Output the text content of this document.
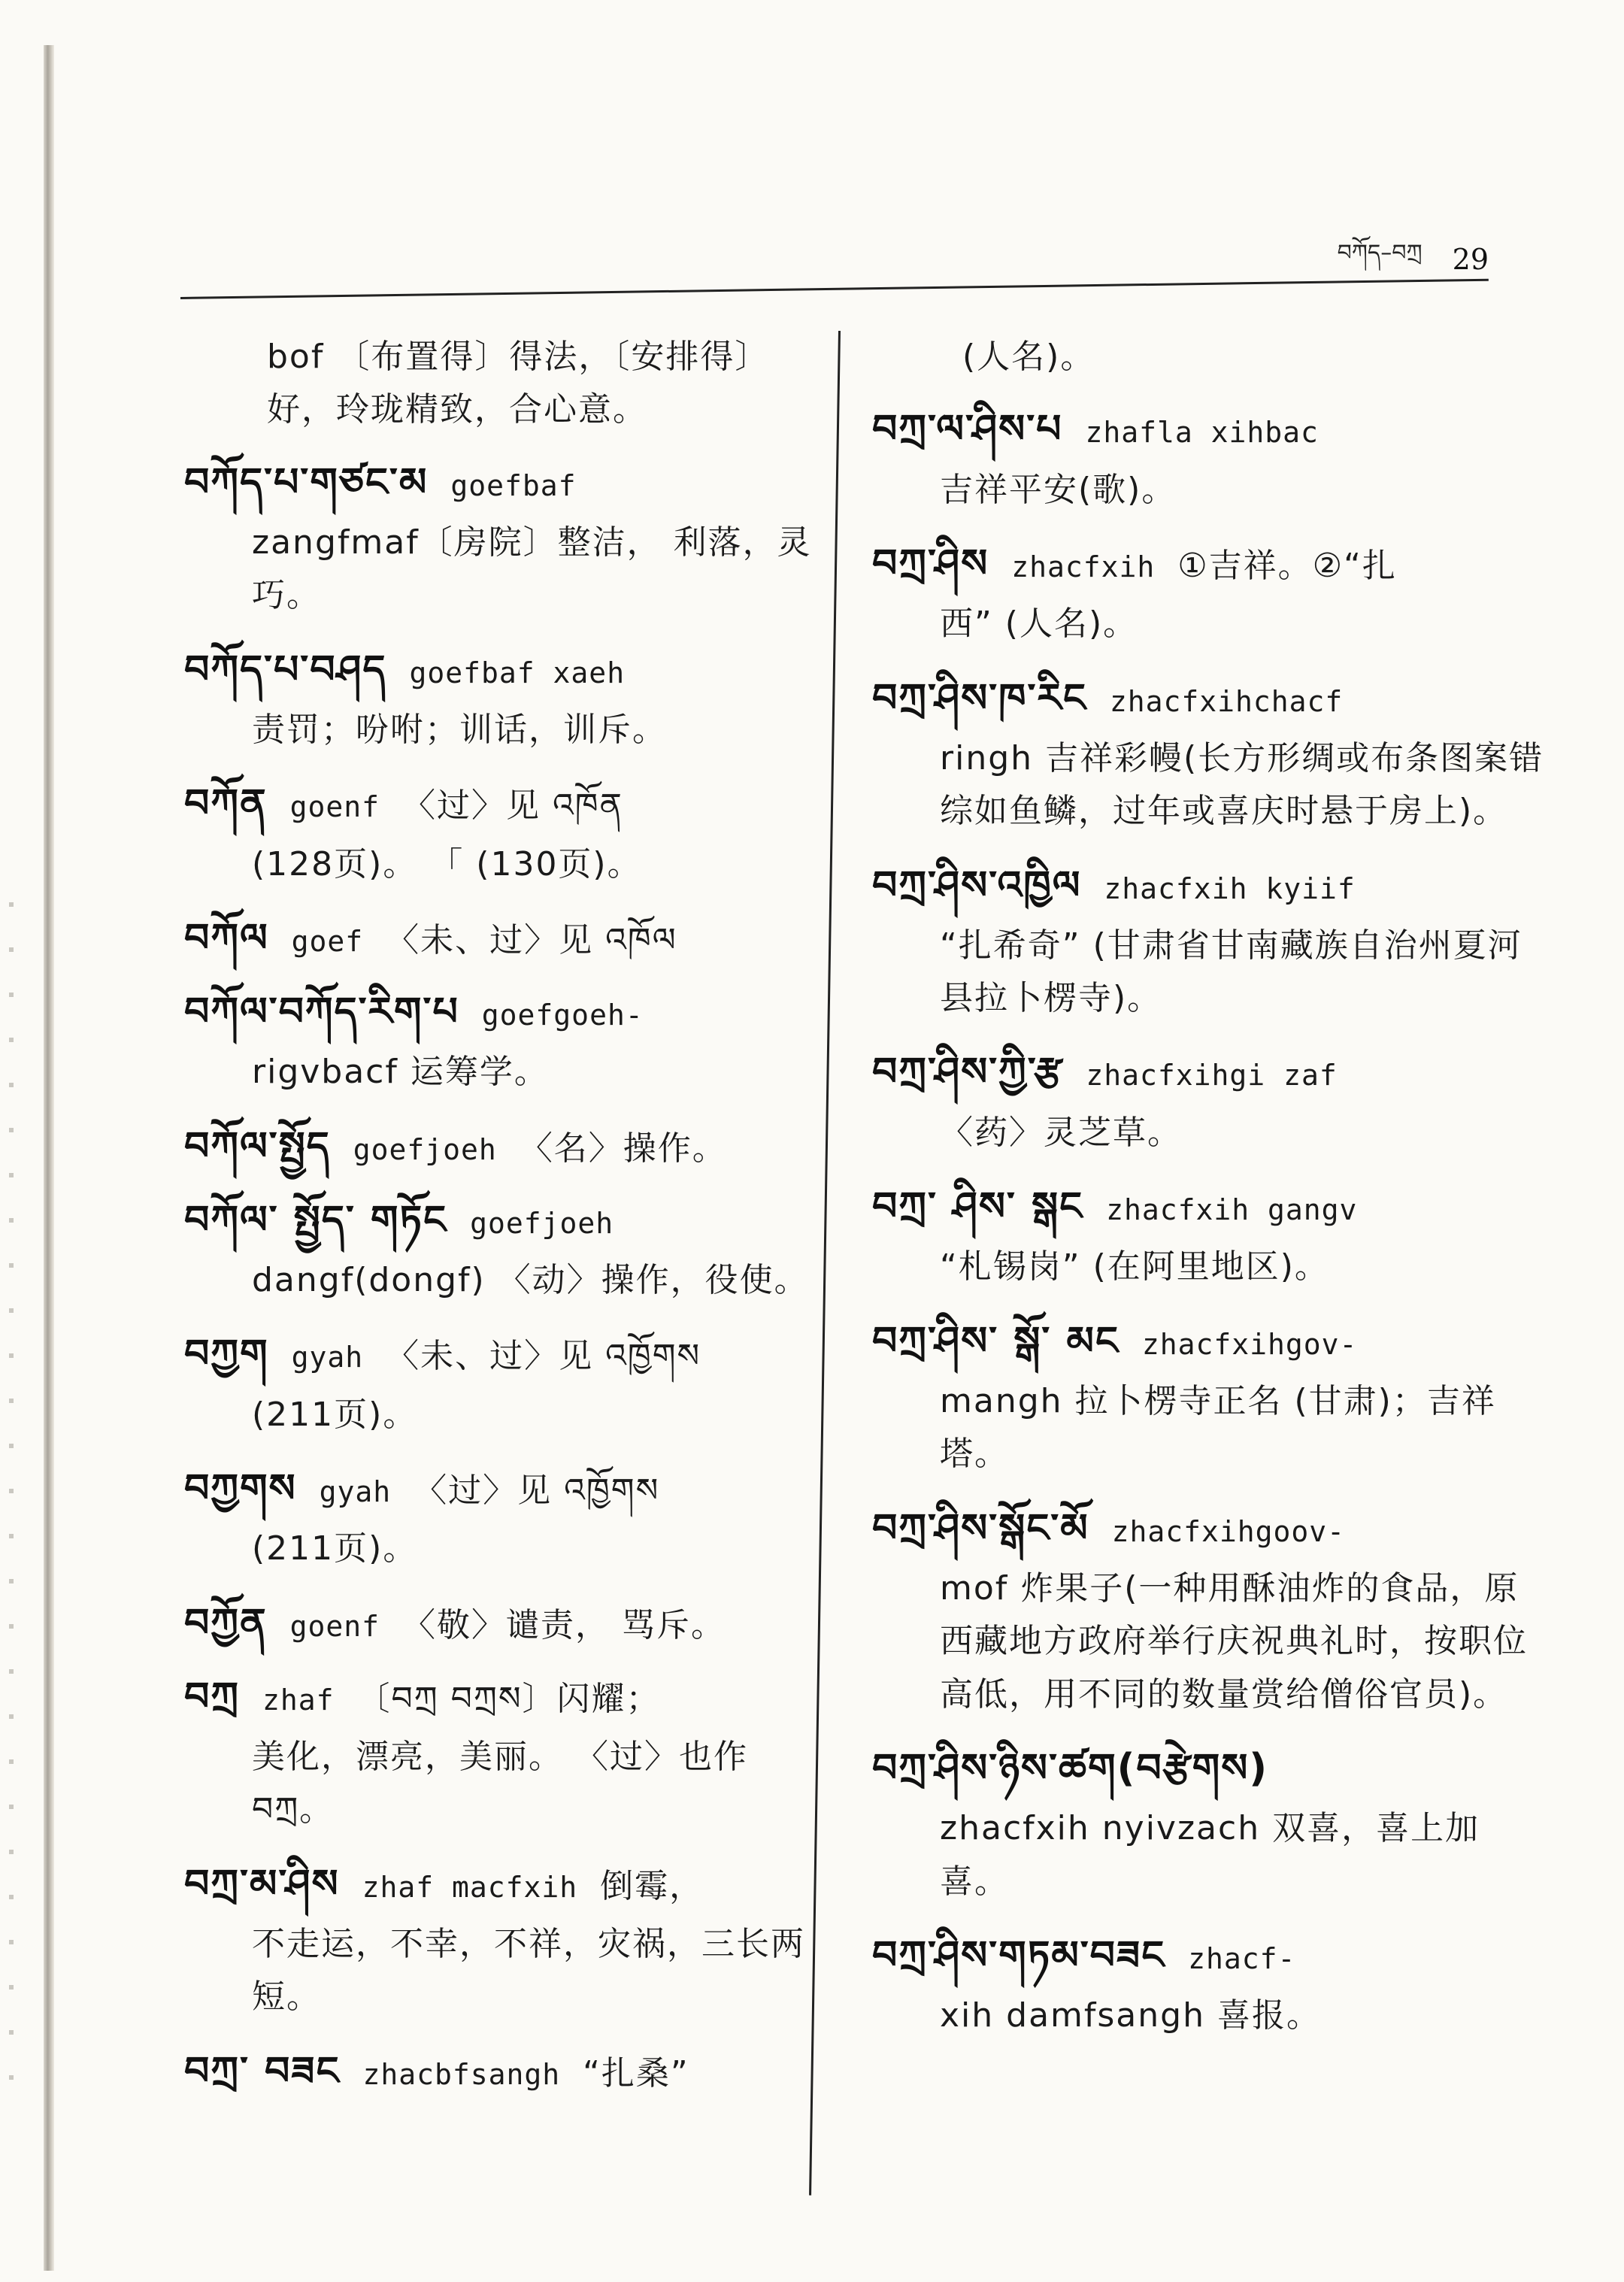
བཀོད–བཀྲ 29
bof 〔布置得〕得法，〔安排得〕好，玲珑精致，合心意。
བཀོད་པ་གཙང་མ goefbaf
zangfmaf〔房院〕整洁， 利落，灵巧。
བཀོད་པ་བཤད goefbaf xaeh
责罚；吩咐；训话，训斥。
བཀོན goenf 〈过〉见 འཁོན
(128页)。 「 (130页)。
བཀོལ goef 〈未、过〉见 འཁོལ
བཀོལ་བཀོད་རིག་པ goefgoeh-
rigvbacf 运筹学。
བཀོལ་སྤྱོད goefjoeh 〈名〉操作。
བཀོལ་ སྤྱོད་ གཏོང goefjoeh
dangf(dongf) 〈动〉操作，役使。
བཀྱག gyah 〈未、过〉见 འཁྱོགས
(211页)。
བཀྱགས gyah 〈过〉见 འཁྱོགས
(211页)。
བཀྱོན goenf 〈敬〉谴责， 骂斥。
བཀྲ zhaf 〔བཀྲ བཀྲས〕闪耀；
美化，漂亮，美丽。 〈过〉也作 བཀྲ。
བཀྲ་མ་ཤིས zhaf macfxih 倒霉，
不走运，不幸，不祥，灾祸，三长两短。
བཀྲ་ བཟང zhacbfsangh “扎桑”
(人名)。
བཀྲ་ལ་ཤིས་པ zhafla xihbac
吉祥平安(歌)。
བཀྲ་ཤིས zhacfxih ①吉祥。②“扎
西” (人名)。
བཀྲ་ཤིས་ཁ་རིང zhacfxihchacf
ringh 吉祥彩幔(长方形绸或布条图案错综如鱼鳞，过年或喜庆时悬于房上)。
བཀྲ་ཤིས་འཁྱིལ zhacfxih kyiif
“扎希奇” (甘肃省甘南藏族自治州夏河县拉卜楞寺)。
བཀྲ་ཤིས་ཀྱི་རྩ zhacfxihgi zaf
〈药〉灵芝草。
བཀྲ་ ཤིས་ སྒང zhacfxih gangv
“札锡岗” (在阿里地区)。
བཀྲ་ཤིས་ སྒོ་ མང zhacfxihgov-
mangh 拉卜楞寺正名 (甘肃)；吉祥塔。
བཀྲ་ཤིས་སྒོང་མོ zhacfxihgoov-
mof 炸果子(一种用酥油炸的食品，原西藏地方政府举行庆祝典礼时，按职位高低，用不同的数量赏给僧俗官员)。
བཀྲ་ཤིས་ཉིས་ཚག(བརྩེགས)
zhacfxih nyivzach 双喜，喜上加喜。
བཀྲ་ཤིས་གཏམ་བཟང zhacf-
xih damfsangh 喜报。
